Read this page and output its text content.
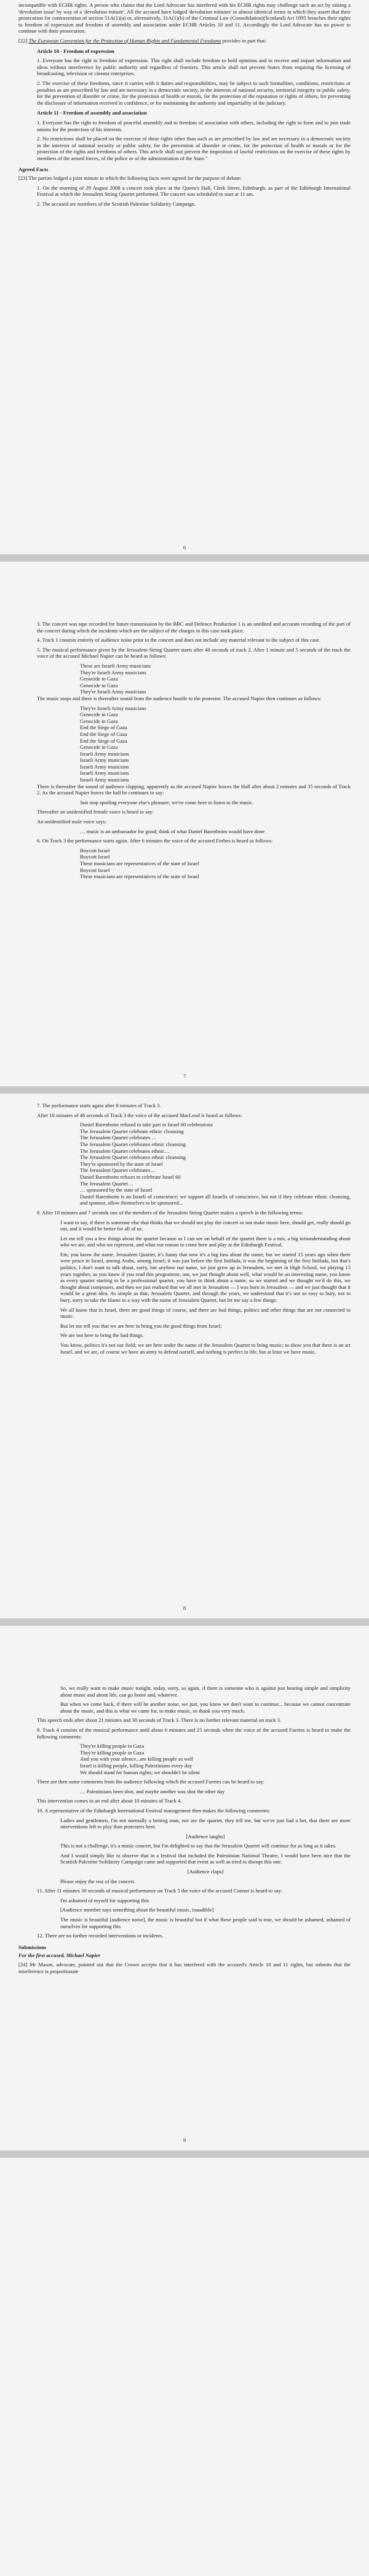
incompatible with ECHR rights. A person who claims that the Lord Advocate has interfered with his ECHR rights may challenge such an act by raising a 'devolution issue' by way of a 'devolution minute'. All the accused have lodged 'devolution minutes' in almost identical terms in which they assert that their prosecution for contravention of section 51A(1)(a) or, alternatively, 31A(1)(b) of the Criminal Law (Consolidation)(Scotland) Act 1995 breaches their rights to freedom of expression and freedom of assembly and association under ECHR Articles 10 and 11. Accordingly the Lord Advocate has no power to continue with their prosecution.

[22] The European Convention for the Protection of Human Rights and Fundamental Freedoms provides in part that:

Article 10 - Freedom of expression

1. Everyone has the right to freedom of expression. This right shall include freedom to hold opinions and to receive and impart information and ideas without interference by public authority and regardless of frontiers. This article shall not prevent States from requiring the licensing of broadcasting, television or cinema enterprises.

2. The exercise of these freedoms, since it carries with it duties and responsibilities, may be subject to such formalities, conditions, restrictions or penalties as are prescribed by law and are necessary in a democratic society, in the interests of national security, territorial integrity or public safety, for the prevention of disorder or crime, for the protection of health or morals, for the protection of the reputation or rights of others, for preventing the disclosure of information received in confidence, or for maintaining the authority and impartiality of the judiciary.

Article 11 - Freedom of assembly and association

1. Everyone has the right to freedom of peaceful assembly and to freedom of association with others, including the right to form and to join trade unions for the protection of his interests.

2. No restrictions shall be placed on the exercise of these rights other than such as are prescribed by law and are necessary in a democratic society in the interests of national security or public safety, for the prevention of disorder or crime, for the protection of health or morals or for the protection of the rights and freedoms of others. This article shall not prevent the imposition of lawful restrictions on the exercise of these rights by members of the armed forces, of the police or of the administration of the State."

Agreed Facts

[23] The parties lodged a joint minute in which the following facts were agreed for the purpose of debate:

1. On the morning of 29 August 2008 a concert took place at the Queen's Hall, Clerk Street, Edinburgh, as part of the Edinburgh International Festival at which the Jerusalem String Quartet performed. The concert was scheduled to start at 11 am.

2. The accused are members of the Scottish Palestine Solidarity Campaign.

6

3. The concert was tape recorded for future transmission by the BBC and Defence Production 1 is an unedited and accurate recording of the part of the concert during which the incidents which are the subject of the charges in this case took place.

4. Track 1 consists entirely of audience noise prior to the concert and does not include any material relevant to the subject of this case.

5. The musical performance given by the Jerusalem String Quartet starts after 40 seconds of track 2. After 1 minute and 5 seconds of the track the voice of the accused Michael Napier can be heard as follows:

These are Israeli Army musicians

They're Israeli Army musicians

Genocide in Gaza

Genocide in Gaza

They're Israeli Army musicians

The music stops and there is thereafter sound from the audience hostile to the protestor. The accused Napier then continues as follows:

They're Israeli Army musicians

Genocide in Gaza

Genocide in Gaza

End the Siege of Gaza

End the Siege of Gaza

End the Siege of Gaza

Genocide in Gaza

Israeli Army musicians

Israeli Army musicians

Israeli Army musicians

Israeli Army musicians

Israeli Army musicians

There is thereafter the sound of audience clapping, apparently as the accused Napier leaves the Hall after about 2 minutes and 35 seconds of Track 2. As the accused Napier leaves the hall he continues to say:

Just stop spoiling everyone else's pleasure; we've come here to listen to the music.

Thereafter an unidentified female voice is heard to say:

An unidentified male voice says:

… music is an ambassador for good; think of what Daniel Barenboim would have done

6. On Track 3 the performance starts again. After 6 minutes the voice of the accused Forbes is heard as follows:

Boycott Israel

Boycott Israel

These musicians are representatives of the state of Israel

Boycott Israel

These musicians are representatives of the state of Israel

7

7. The performance starts again after 8 minutes of Track 3.

After 16 minutes of 46 seconds of Track 3 the voice of the accused MacLeod is heard as follows:

Daniel Barenboim refused to take part in Israel 60 celebrations

The Jerusalem Quartet celebrate ethnic cleansing

The Jerusalem Quartet celebrates …

The Jerusalem Quartet celebrates ethnic cleansing

The Jerusalem Quartet celebrates ethnic…

The Jerusalem Quartet celebrates ethnic cleansing

They're sponsored by the state of Israel

The Jerusalem Quartet celebrates…

Daniel Barenboim refuses to celebrate Israel 60

The Jerusalem Quartet…

… sponsored by the state of Israel

Daniel Barenboim is an Israeli of conscience; we support all Israelis of conscience, but not if they celebrate ethnic cleansing, and sponsor, allow themselves to be sponsored...

8. After 18 minutes and 7 seconds one of the members of the Jerusalem String Quartet makes a speech in the following terms:

I want to say, if there is someone else that thinks that we should not play the concert or not make music here, should get, really should go out, and it would be better for all of us.

Let me tell you a few things about the quartet because as I can see on behalf of the quartet there is a mis, a big misunderstanding about who we are, and who we represent, and what our reason to come here and play at the Edinburgh Festival.

Em, you know the name, Jerusalem Quartet, it's funny that now it's a big fuss about the name, but we started 15 years ago when there were peace in Israel, among Arabs, among Israel; it was just before the first Intifada, it was the beginning of the first Intifada, but that's politics, I don't want to talk about, sorry, but anyhow our name, we just grew up in Jerusalem, we met in High School, we playing 15 years together, as you know if you read this programme, um, we just thought about well, what would be an interesting name, you know as every quartet starting to be a professional quartet, you have to think about a name, so we started and we thought we'd do this, we thought about composers, and then we just realised that we all met in Jerusalem — I was born in Jerusalem — and we just thought that it would be a great idea. As simple as that, Jerusalem Quartet, and through the years, we understood that it's not so easy to bury, not to bury, sorry to take the blame in a way with the name of Jerusalem Quartet, but let me say a few things:

We all know that in Israel, there are good things of course, and there are bad things, politics and other things that are not connected to music.

But let me tell you that we are here to bring you the good things from Israel;

We are not here to bring the bad things.

You know, politics it's not our field; we are here under the name of the Jerusalem Quartet to bring music; to show you that there is an art Israel, and we are, of course we have an army to defend ourself, and nothing is perfect in life, but at least we have music.

8

So, we really want to make music tonight, today, sorry, so again, if there is someone who is against just hearing simple and simplicity about music and about life, can go home and, whatever.

But when we come back, if there will be another noise, we just, you know we don't want to continue... because we cannot concentrate about the music, and this is what we came for, to make music, so thank you very much.

This speech ends after about 21 minutes and 30 seconds of Track 3. There is no further relevant material on track 3.

9. Track 4 consists of the musical performance until about 6 minutes and 25 seconds when the voice of the accused Fuertes is heard to make the following comments:

They're killing people in Gaza

They're killing people in Gaza

And you with your silence...are killing people as well

Israel is killing people, killing Palestinians every day

We should stand for human rights; we shouldn't be silent

There are then some comments from the audience following which the accused Fuertes can be heard to say:

… Palestinians been shot, and maybe another was shot the other day

This intervention comes to an end after about 10 minutes of Track 4.

10. A representative of the Edinburgh International Festival management then makes the following comments:

Ladies and gentlemen, I'm not normally a betting man, nor are the quartet, they tell me, but we've just had a bet, that there are more interventions left to play than protesters here.

[Audience laughs]

This is not a challenge, it's a music concert, but I'm delighted to say that the Jerusalem Quartet will continue for as long as it takes.

And I would simply like to observe that in a festival that included the Palestinian National Theatre, I would have been nice that the Scottish Palestine Solidarity Campaign came and supported that event as well as tried to disrupt this one.

[Audience claps]

Please enjoy the rest of the concert.

11. After 11 minutes 30 seconds of musical performance on Track 5 the voice of the accused Connor is heard to say:

I'm ashamed of myself for supporting this.

[Audience member says something about the beautiful music, inaudible]

The music is beautiful [audience noise], the music is beautiful but if what these people said is true, we should be ashamed, ashamed of ourselves for supporting this

12. There are no further recorded interventions or incidents.

Submissions

For the first accused, Michael Napier

[24] Mr Mason, advocate, pointed out that the Crown accepts that it has interfered with the accused's Article 10 and 11 rights, but submits that the interference is proportionate

9
